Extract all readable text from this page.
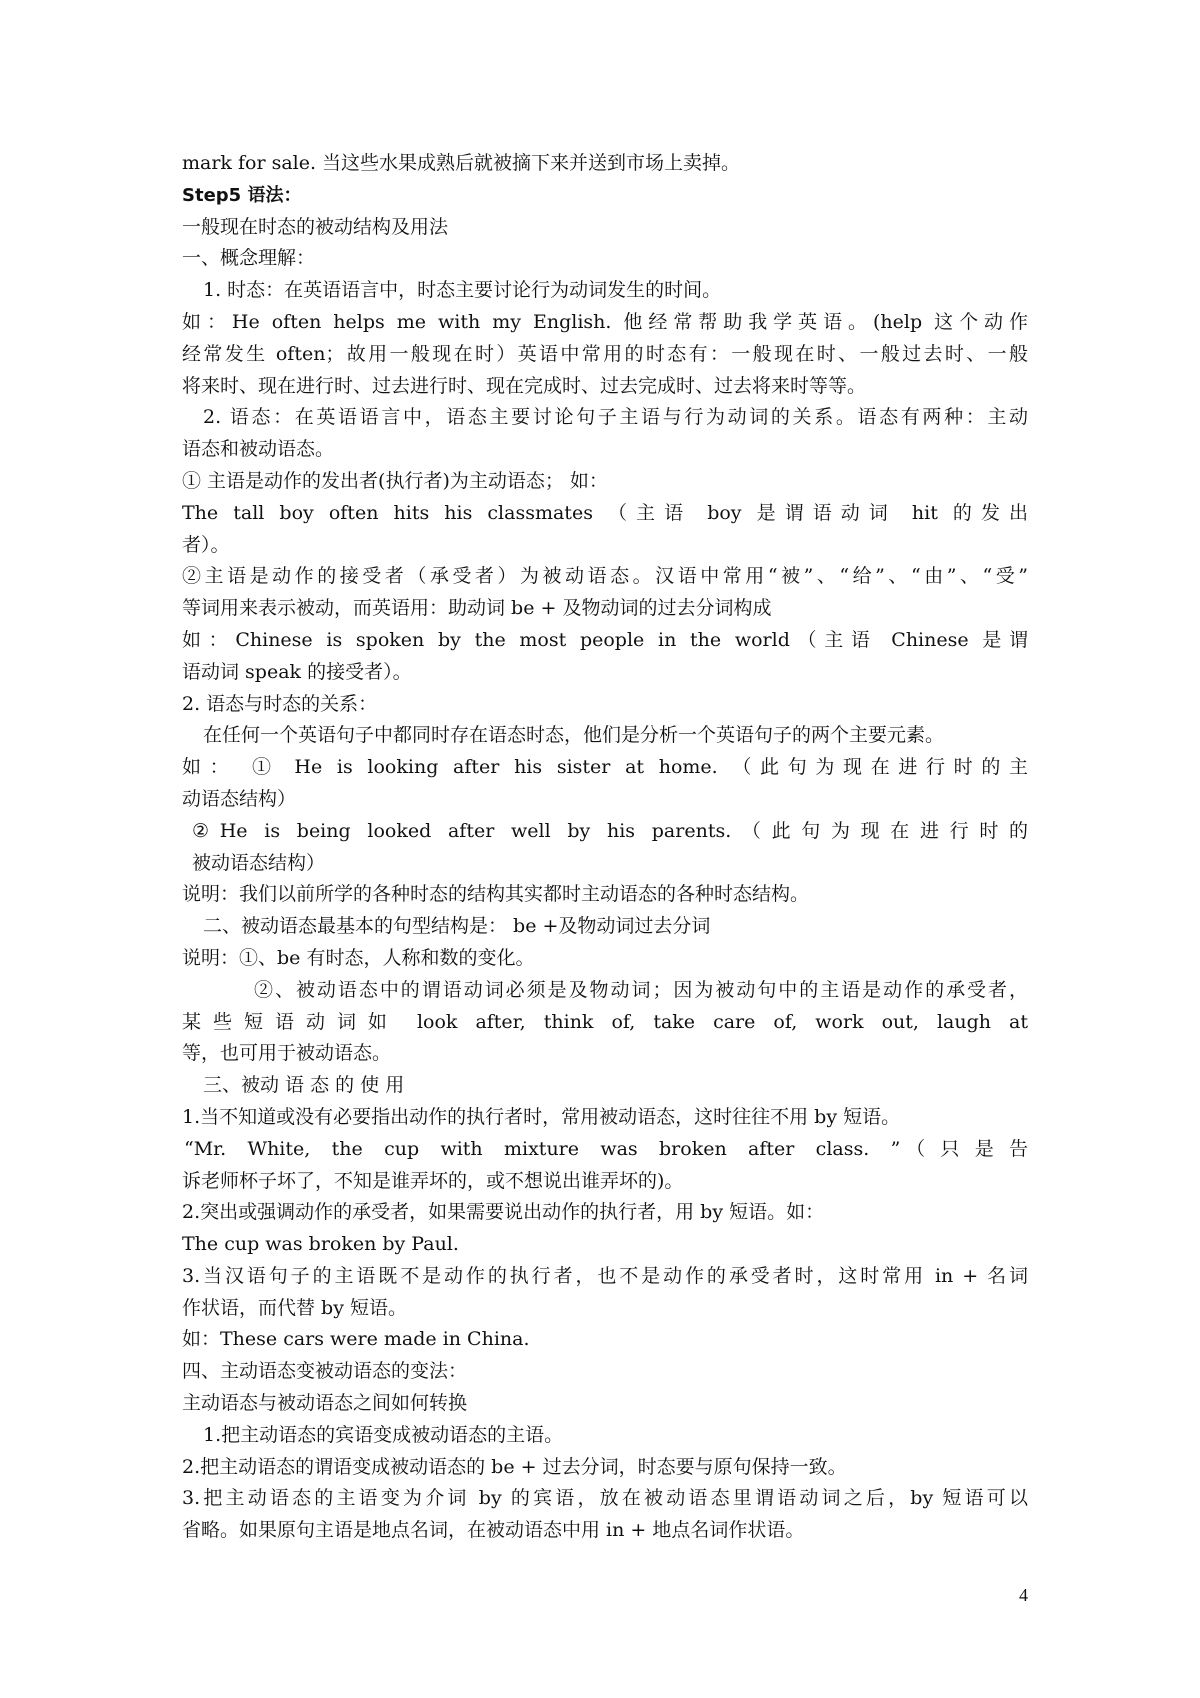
mark for sale. 当这些水果成熟后就被摘下来并送到市场上卖掉。
Step5 语法：
一般现在时态的被动结构及用法
一、概念理解：
1. 时态：在英语语言中，时态主要讨论行为动词发生的时间。
如：He often helps me with my English. 他经常帮助我学英语。(help 这个动作
经常发生 often；故用一般现在时）英语中常用的时态有：一般现在时、一般过去时、一般
将来时、现在进行时、过去进行时、现在完成时、过去完成时、过去将来时等等。
2. 语态：在英语语言中，语态主要讨论句子主语与行为动词的关系。语态有两种：主动
语态和被动语态。
① 主语是动作的发出者(执行者)为主动语态； 如：
The tall boy often hits his classmates （主语 boy 是谓语动词 hit 的发出
者）。
②主语是动作的接受者（承受者）为被动语态。汉语中常用“被”、“给”、“由”、“受”
等词用来表示被动，而英语用：助动词 be + 及物动词的过去分词构成
如：Chinese is spoken by the most people in the world（主语 Chinese 是谓
语动词 speak 的接受者）。
2. 语态与时态的关系：
在任何一个英语句子中都同时存在语态时态，他们是分析一个英语句子的两个主要元素。
如： ① He is looking after his sister at home. （此句为现在进行时的主
动语态结构）
②He is being looked after well by his parents.（此句为现在进行时的
被动语态结构）
说明：我们以前所学的各种时态的结构其实都时主动语态的各种时态结构。
二、被动语态最基本的句型结构是： be +及物动词过去分词
说明：①、be 有时态，人称和数的变化。
②、被动语态中的谓语动词必须是及物动词；因为被动句中的主语是动作的承受者，
某些短语动词如 look after, think of, take care of, work out, laugh at
等，也可用于被动语态。
三、被动 语 态 的 使 用
1.当不知道或没有必要指出动作的执行者时，常用被动语态，这时往往不用 by 短语。
“Mr. White, the cup with mixture was broken after class. ”（只是告
诉老师杯子坏了，不知是谁弄坏的，或不想说出谁弄坏的)。
2.突出或强调动作的承受者，如果需要说出动作的执行者，用 by 短语。如：
The cup was broken by Paul.
3.当汉语句子的主语既不是动作的执行者，也不是动作的承受者时，这时常用 in + 名词
作状语，而代替 by 短语。
如：These cars were made in China.
四、主动语态变被动语态的变法：
主动语态与被动语态之间如何转换
1.把主动语态的宾语变成被动语态的主语。
2.把主动语态的谓语变成被动语态的 be + 过去分词，时态要与原句保持一致。
3.把主动语态的主语变为介词 by 的宾语，放在被动语态里谓语动词之后，by 短语可以
省略。如果原句主语是地点名词，在被动语态中用 in + 地点名词作状语。
4
